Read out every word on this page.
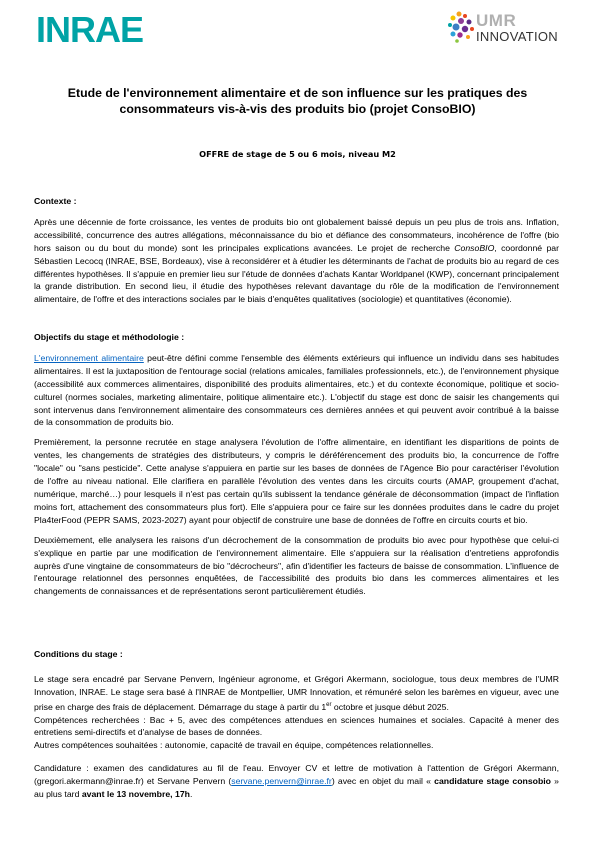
INRAE	UMR
INNOVATION
Etude de l'environnement alimentaire et de son influence sur les pratiques des
consommateurs vis-à-vis des produits bio (projet ConsoBIO)
OFFRE de stage de 5 ou 6 mois, niveau M2

Contexte :

Après une décennie de forte croissance, les ventes de produits bio ont globalement baissé depuis un peu plus de trois ans. Inflation, accessibilité, concurrence des autres allégations, méconnaissance du bio et défiance des consommateurs, incohérence de l'offre (bio hors saison ou du bout du monde) sont les principales explications avancées. Le projet de recherche ConsoBIO, coordonné par Sébastien Lecocq (INRAE, BSE, Bordeaux), vise à reconsidérer et à étudier les déterminants de l'achat de produits bio au regard de ces différentes hypothèses. Il s'appuie en premier lieu sur l'étude de données d'achats Kantar Worldpanel (KWP), concernant principalement la grande distribution. En second lieu, il étudie des hypothèses relevant davantage du rôle de la modification de l'environnement alimentaire, de l'offre et des interactions sociales par le biais d'enquêtes qualitatives (sociologie) et quantitatives (économie).

Objectifs du stage et méthodologie :

L'environnement alimentaire peut-être défini comme l'ensemble des éléments extérieurs qui influence un individu dans ses habitudes alimentaires. Il est la juxtaposition de l'entourage social (relations amicales, familiales professionnels, etc.), de l'environnement physique (accessibilité aux commerces alimentaires, disponibilité des produits alimentaires, etc.) et du contexte économique, politique et socio-culturel (normes sociales, marketing alimentaire, politique alimentaire etc.). L'objectif du stage est donc de saisir les changements qui sont intervenus dans l'environnement alimentaire des consommateurs ces dernières années et qui peuvent avoir contribué à la baisse de la consommation de produits bio.

Premièrement, la personne recrutée en stage analysera l'évolution de l'offre alimentaire, en identifiant les disparitions de points de ventes, les changements de stratégies des distributeurs, y compris le déréférencement des produits bio, la concurrence de l'offre "locale" ou "sans pesticide". Cette analyse s'appuiera en partie sur les bases de données de l'Agence Bio pour caractériser l'évolution de l'offre au niveau national. Elle clarifiera en parallèle l'évolution des ventes dans les circuits courts (AMAP, groupement d'achat, numérique, marché…) pour lesquels il n'est pas certain qu'ils subissent la tendance générale de déconsommation (impact de l'inflation moins fort, attachement des consommateurs plus fort). Elle s'appuiera pour ce faire sur les données produites dans le cadre du projet Pla4terFood (PEPR SAMS, 2023-2027) ayant pour objectif de construire une base de données de l'offre en circuits courts et bio.

Deuxièmement, elle analysera les raisons d'un décrochement de la consommation de produits bio avec pour hypothèse que celui-ci s'explique en partie par une modification de l'environnement alimentaire. Elle s'appuiera sur la réalisation d'entretiens approfondis auprès d'une vingtaine de consommateurs de bio "décrocheurs", afin d'identifier les facteurs de baisse de consommation. L'influence de l'entourage relationnel des personnes enquêtées, de l'accessibilité des produits bio dans les commerces alimentaires et les changements de connaissances et de représentations seront particulièrement étudiés.

Conditions du stage :

Le stage sera encadré par Servane Penvern, Ingénieur agronome, et Grégori Akermann, sociologue, tous deux membres de l'UMR Innovation, INRAE. Le stage sera basé à l'INRAE de Montpellier, UMR Innovation, et rémunéré selon les barèmes en vigueur, avec une prise en charge des frais de déplacement. Démarrage du stage à partir du 1er octobre et jusque début 2025.

Compétences recherchées : Bac + 5, avec des compétences attendues en sciences humaines et sociales. Capacité à mener des entretiens semi-directifs et d'analyse de bases de données.

Autres compétences souhaitées : autonomie, capacité de travail en équipe, compétences relationnelles.

Candidature : examen des candidatures au fil de l'eau. Envoyer CV et lettre de motivation à l'attention de Grégori Akermann, (gregori.akermann@inrae.fr) et Servane Penvern (servane.penvern@inrae.fr) avec en objet du mail « candidature stage consobio » au plus tard avant le 13 novembre, 17h.
